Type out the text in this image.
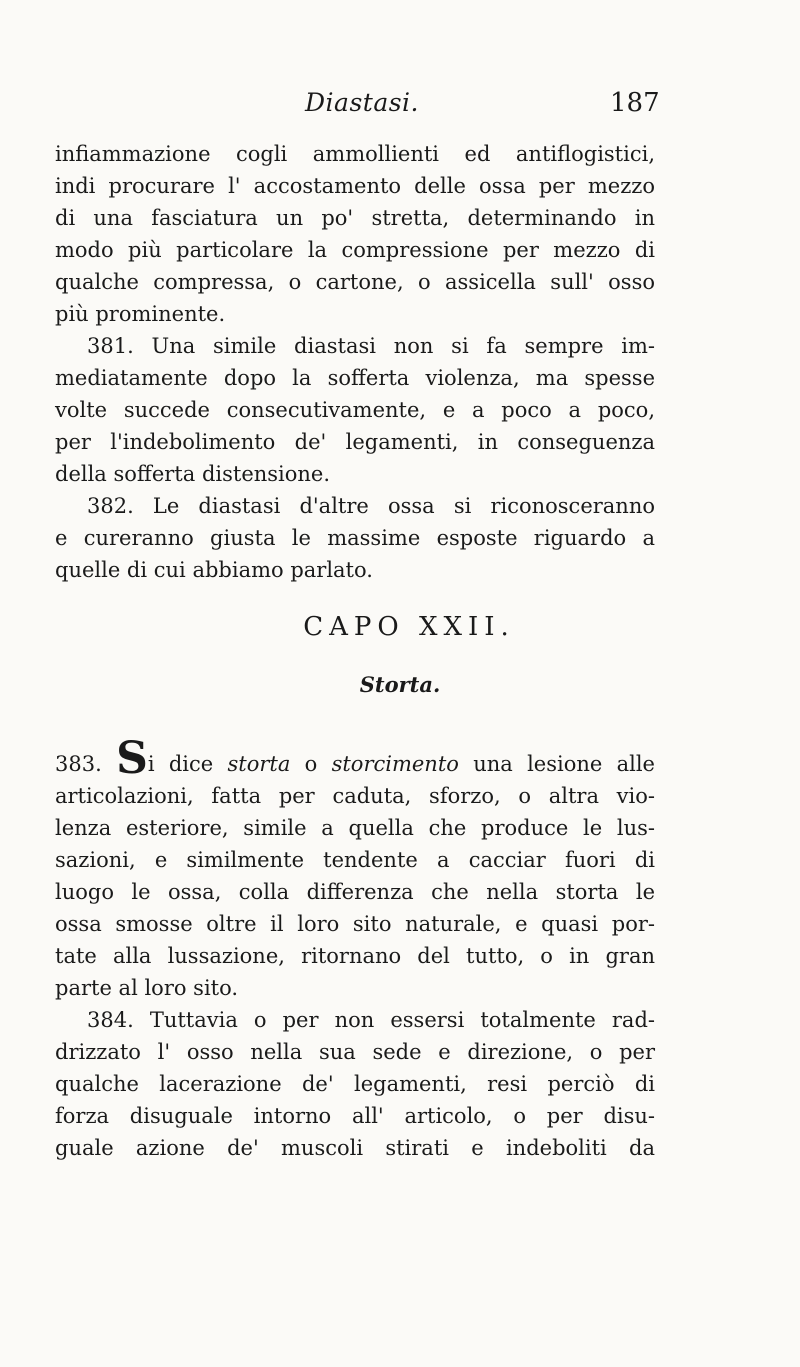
Diastasi.	187
infiammazione cogli ammollienti ed antiflogistici,
indi procurare l' accostamento delle ossa per mezzo
di una fasciatura un po' stretta, determinando in
modo più particolare la compressione per mezzo di
qualche compressa, o cartone, o assicella sull' osso
più prominente.
381. Una simile diastasi non si fa sempre im-
mediatamente dopo la sofferta violenza, ma spesse
volte succede consecutivamente, e a poco a poco,
per l'indebolimento de' legamenti, in conseguenza
della sofferta distensione.
382. Le diastasi d'altre ossa si riconosceranno
e cureranno giusta le massime esposte riguardo a
quelle di cui abbiamo parlato.
CAPO XXII.
Storta.
383. Si dice storta o storcimento una lesione alle
articolazioni, fatta per caduta, sforzo, o altra vio-
lenza esteriore, simile a quella che produce le lus-
sazioni, e similmente tendente a cacciar fuori di
luogo le ossa, colla differenza che nella storta le
ossa smosse oltre il loro sito naturale, e quasi por-
tate alla lussazione, ritornano del tutto, o in gran
parte al loro sito.
384. Tuttavia o per non essersi totalmente rad-
drizzato l' osso nella sua sede e direzione, o per
qualche lacerazione de' legamenti, resi perciò di
forza disuguale intorno all' articolo, o per disu-
guale azione de' muscoli stirati e indeboliti da
